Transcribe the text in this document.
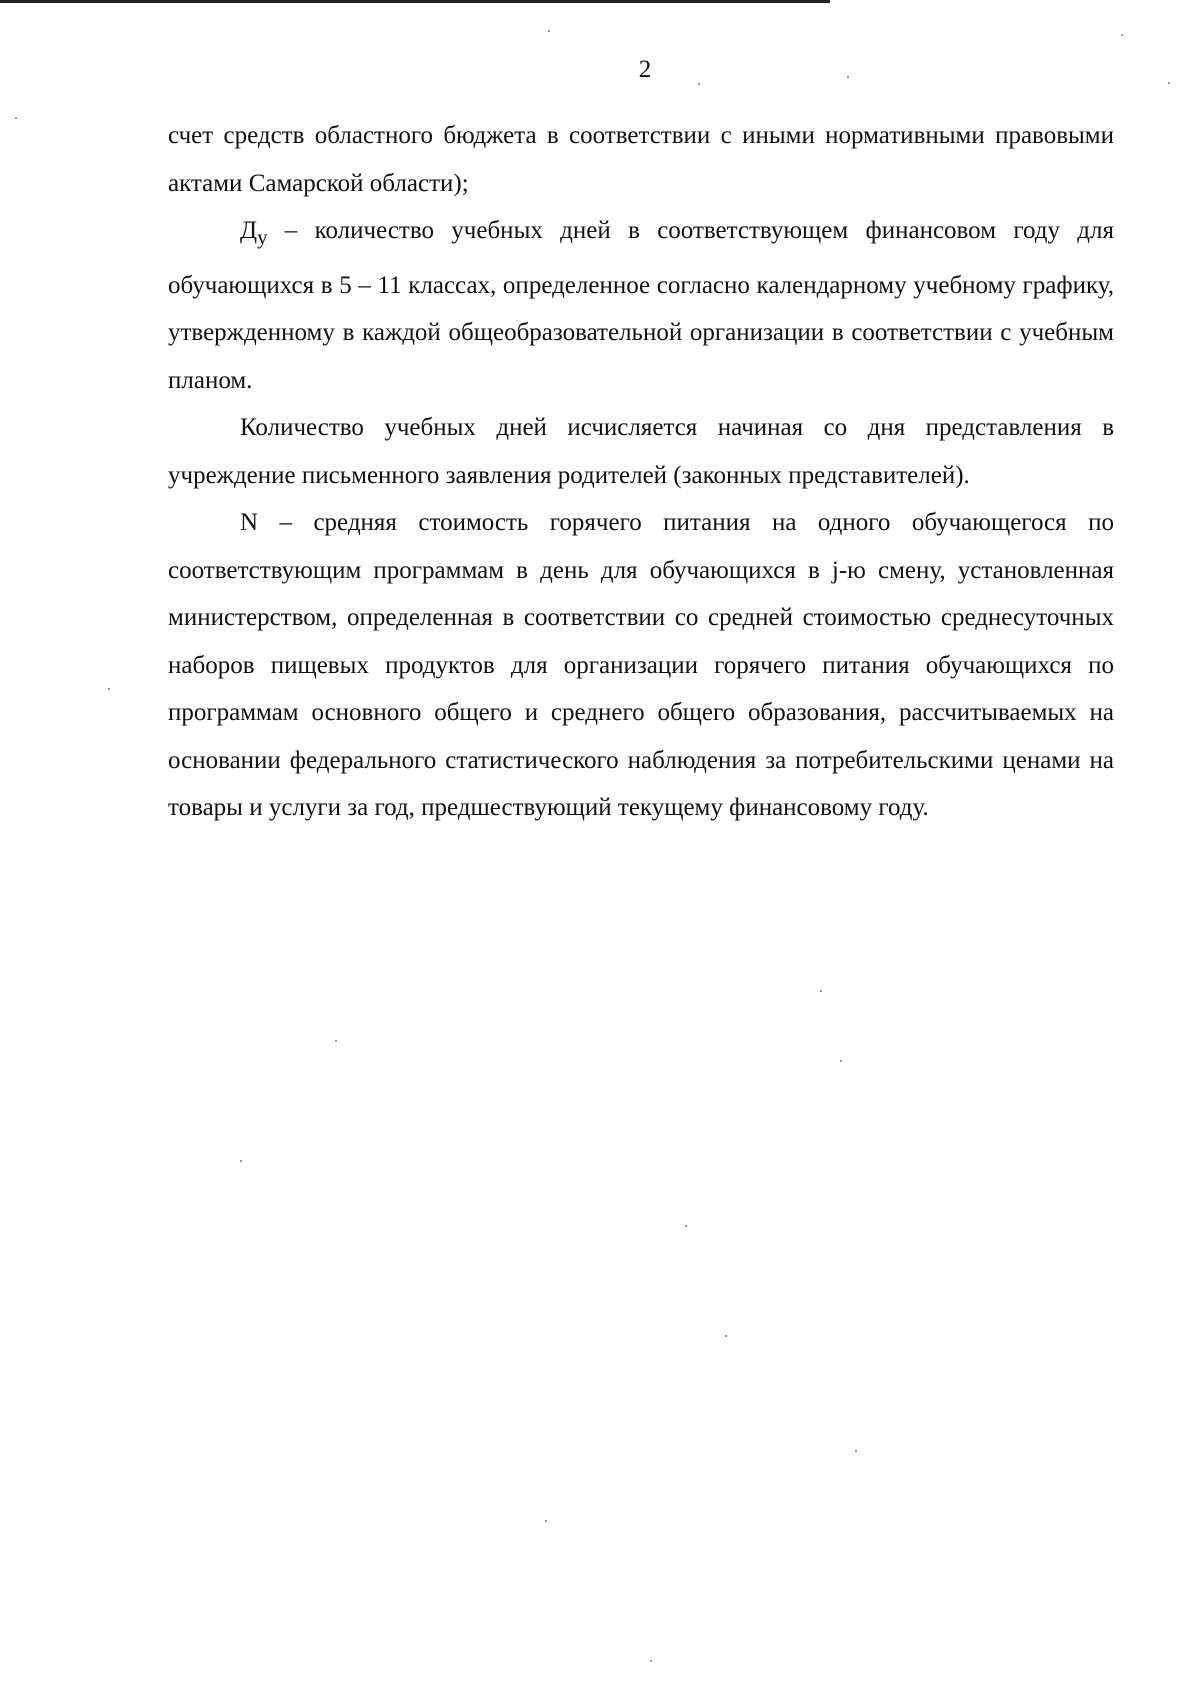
2

счет средств областного бюджета в соответствии с иными нормативными правовыми актами Самарской области);

$Д_у$ – количество учебных дней в соответствующем финансовом году для обучающихся в 5 – 11 классах, определенное согласно календарному учебному графику, утвержденному в каждой общеобразовательной организации в соответствии с учебным планом.

Количество учебных дней исчисляется начиная со дня представления в учреждение письменного заявления родителей (законных представителей).

N – средняя стоимость горячего питания на одного обучающегося по соответствующим программам в день для обучающихся в j-ю смену, установленная министерством, определенная в соответствии со средней стоимостью среднесуточных наборов пищевых продуктов для организации горячего питания обучающихся по программам основного общего и среднего общего образования, рассчитываемых на основании федерального статистического наблюдения за потребительскими ценами на товары и услуги за год, предшествующий текущему финансовому году.
